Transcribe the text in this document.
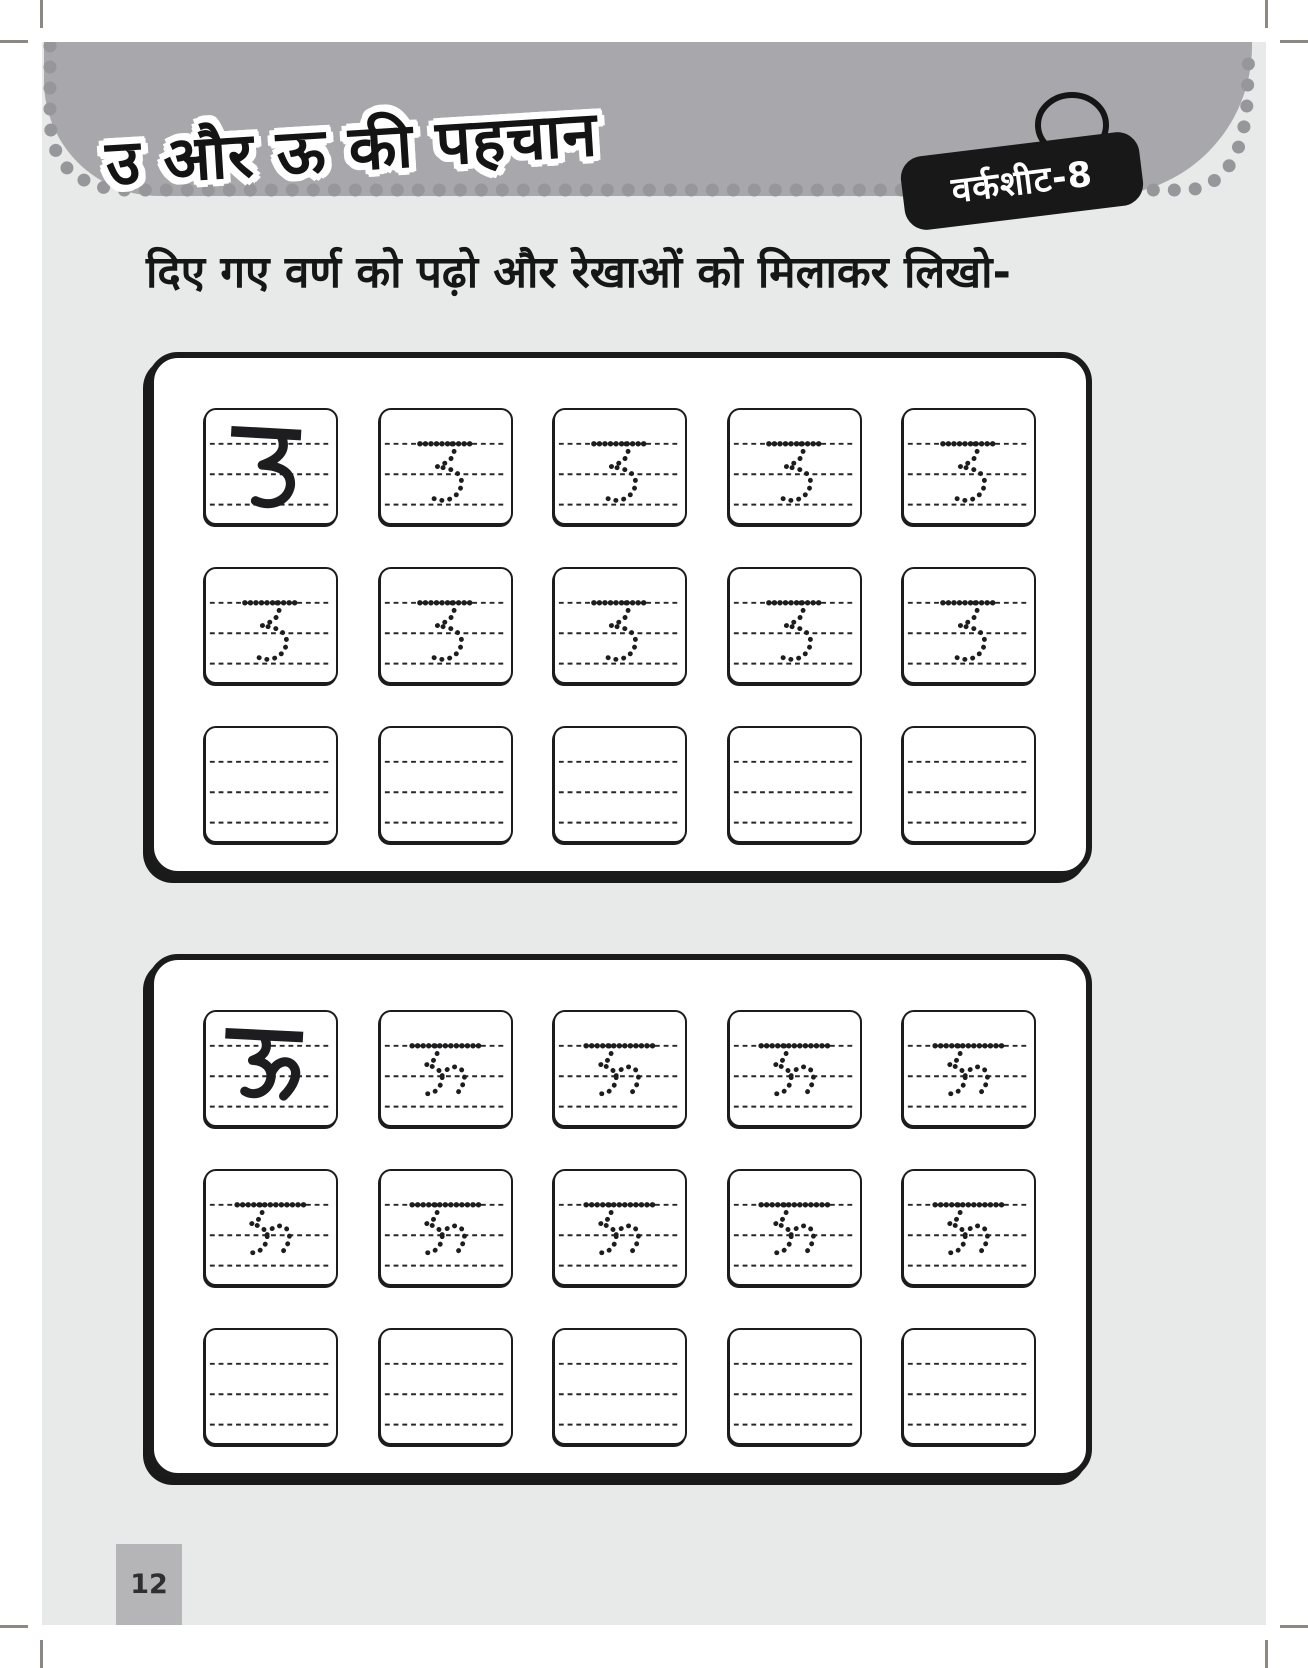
वर्कशीट-8
उ और ऊ की पहचान
दिए गए वर्ण को पढ़ो और रेखाओं को मिलाकर लिखो-
12
